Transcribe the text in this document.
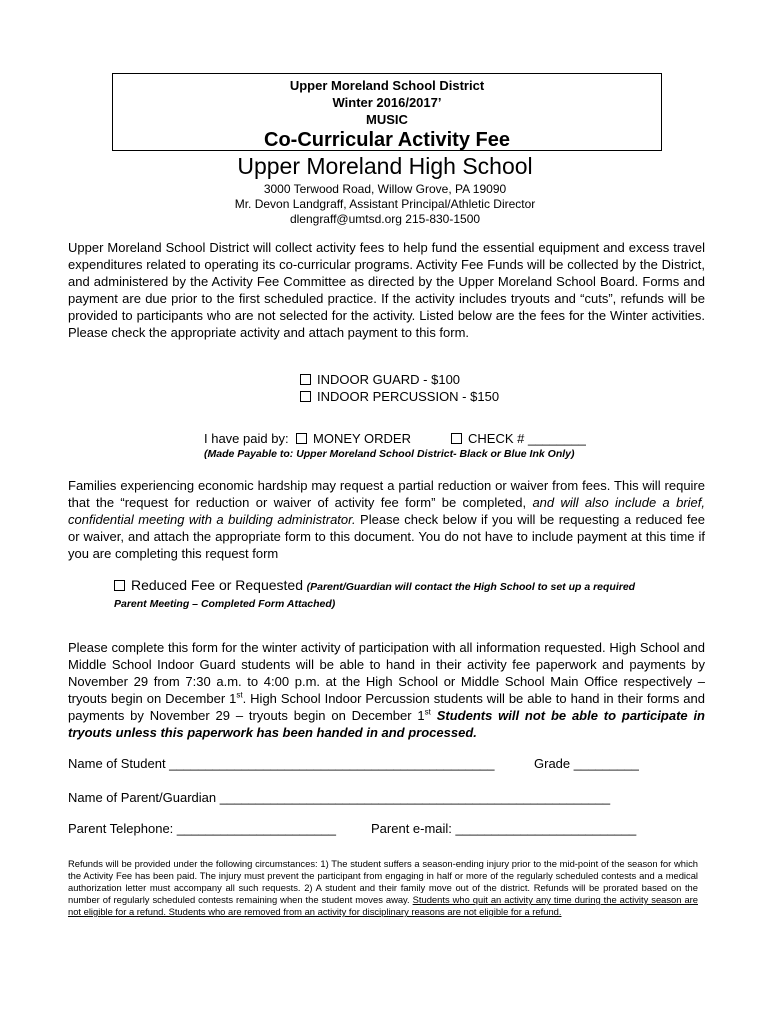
Upper Moreland School District
Winter 2016/2017’
MUSIC
Co-Curricular Activity Fee
Upper Moreland High School
3000 Terwood Road, Willow Grove, PA 19090
Mr. Devon Landgraff, Assistant Principal/Athletic Director
dlengraff@umtsd.org 215-830-1500
Upper Moreland School District will collect activity fees to help fund the essential equipment and excess travel expenditures related to operating its co-curricular programs. Activity Fee Funds will be collected by the District, and administered by the Activity Fee Committee as directed by the Upper Moreland School Board. Forms and payment are due prior to the first scheduled practice. If the activity includes tryouts and “cuts”, refunds will be provided to participants who are not selected for the activity. Listed below are the fees for the Winter activities. Please check the appropriate activity and attach payment to this form.
INDOOR GUARD - $100
INDOOR PERCUSSION - $150
I have paid by:	MONEY ORDER	CHECK # ________
(Made Payable to: Upper Moreland School District- Black or Blue Ink Only)
Families experiencing economic hardship may request a partial reduction or waiver from fees. This will require that the “request for reduction or waiver of activity fee form” be completed, and will also include a brief, confidential meeting with a building administrator. Please check below if you will be requesting a reduced fee or waiver, and attach the appropriate form to this document. You do not have to include payment at this time if you are completing this request form
Reduced Fee or Requested (Parent/Guardian will contact the High School to set up a required
Parent Meeting – Completed Form Attached)
Please complete this form for the winter activity of participation with all information requested. High School and Middle School Indoor Guard students will be able to hand in their activity fee paperwork and payments by November 29 from 7:30 a.m. to 4:00 p.m. at the High School or Middle School Main Office respectively – tryouts begin on December 1st. High School Indoor Percussion students will be able to hand in their forms and payments by November 29 – tryouts begin on December 1st Students will not be able to participate in tryouts unless this paperwork has been handed in and processed.
Name of Student _____________________________________________	Grade _________
Name of Parent/Guardian ______________________________________________________
Parent Telephone: ______________________	Parent e-mail: _________________________
Refunds will be provided under the following circumstances: 1) The student suffers a season-ending injury prior to the mid-point of the season for which the Activity Fee has been paid. The injury must prevent the participant from engaging in half or more of the regularly scheduled contests and a medical authorization letter must accompany all such requests. 2) A student and their family move out of the district. Refunds will be prorated based on the number of regularly scheduled contests remaining when the student moves away. Students who quit an activity any time during the activity season are not eligible for a refund. Students who are removed from an activity for disciplinary reasons are not eligible for a refund.
